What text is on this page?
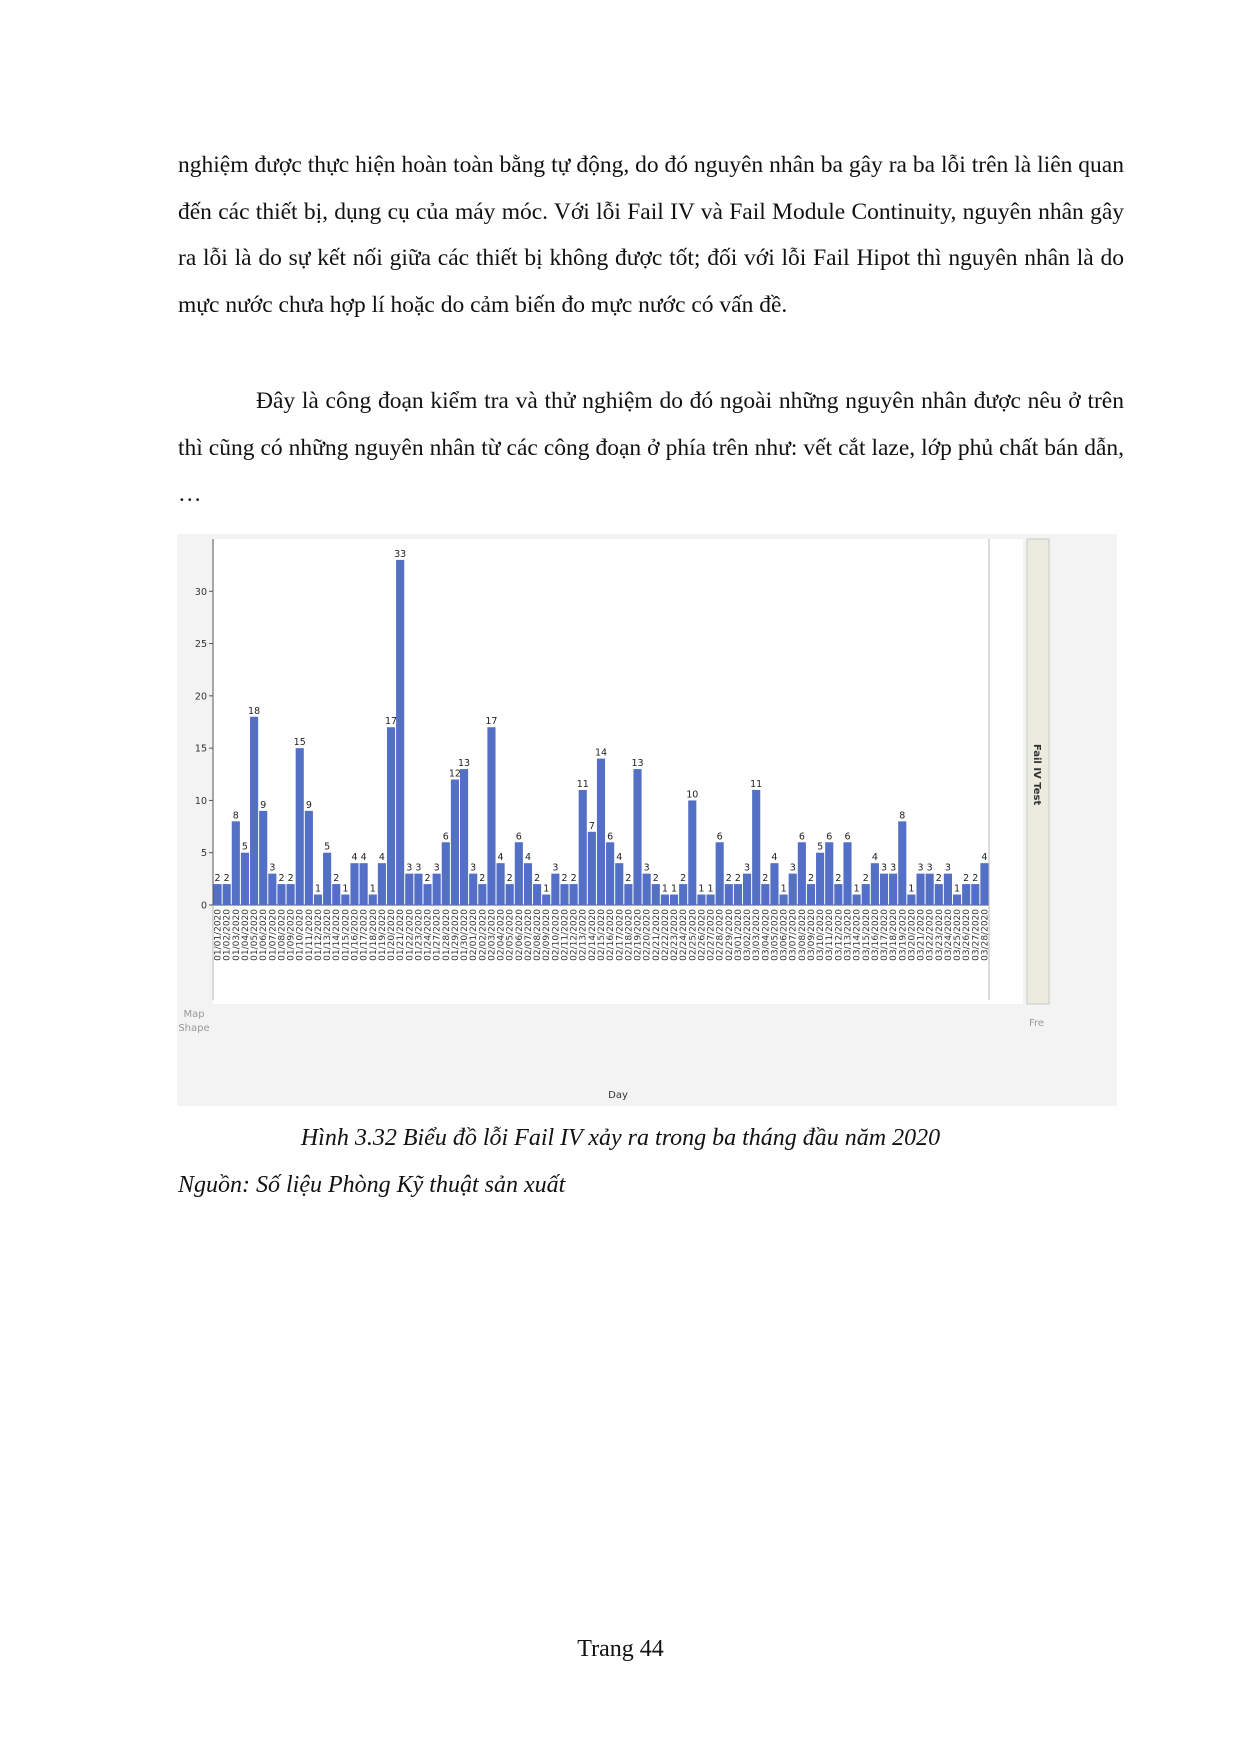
nghiệm được thực hiện hoàn toàn bằng tự động, do đó nguyên nhân ba gây ra ba lỗi trên là liên quan đến các thiết bị, dụng cụ của máy móc. Với lỗi Fail IV và Fail Module Continuity, nguyên nhân gây ra lỗi là do sự kết nối giữa các thiết bị không được tốt; đối với lỗi Fail Hipot thì nguyên nhân là do mực nước chưa hợp lí hoặc do cảm biến đo mực nước có vấn đề.

Đây là công đoạn kiểm tra và thử nghiệm do đó ngoài những nguyên nhân được nêu ở trên thì cũng có những nguyên nhân từ các công đoạn ở phía trên như: vết cắt laze, lớp phủ chất bán dẫn, …

0
5
10
15
20
25
30
2 2
8
5
18
9
3
2 2
15
9
1
5
2
1
4 4
1
4
17
33
3 3
2
3
6
12
13
3
2
17
4
2
6
4
2
1
3
2 2
11
7
14
6
4
2
13
3
2
1 1
2
10
1 1
6
2 2
3
11
2
4
1
3
6
2
5
6
2
6
1
2
4
3 3
8
1
3 3
2
3
1
2 2
4
01/01/2020 01/02/2020 01/03/2020 01/04/2020 01/05/2020 01/06/2020 01/07/2020 01/08/2020 01/09/2020 01/10/2020 01/11/2020 01/12/2020 01/13/2020 01/14/2020 01/15/2020 01/16/2020 01/17/2020 01/18/2020 01/19/2020 01/20/2020 01/21/2020 01/22/2020 01/23/2020 01/24/2020 01/27/2020 01/28/2020 01/29/2020 01/30/2020 02/01/2020 02/02/2020 02/03/2020 02/04/2020 02/05/2020 02/06/2020 02/07/2020 02/08/2020 02/09/2020 02/10/2020 02/11/2020 02/12/2020 02/13/2020 02/14/2020 02/15/2020 02/16/2020 02/17/2020 02/18/2020 02/19/2020 02/20/2020 02/21/2020 02/22/2020 02/23/2020 02/24/2020 02/25/2020 02/26/2020 02/27/2020 02/28/2020 02/29/2020 03/01/2020 03/02/2020 03/03/2020 03/04/2020 03/05/2020 03/06/2020 03/07/2020 03/08/2020 03/09/2020 03/10/2020 03/11/2020 03/12/2020 03/13/2020 03/14/2020 03/15/2020 03/16/2020 03/17/2020 03/18/2020 03/19/2020 03/20/2020 03/21/2020 03/22/2020 03/23/2020 03/24/2020 03/25/2020 03/26/2020 03/27/2020 03/28/2020
Fail IV Test
Map Shape	Fre
Day

Hình 3.32 Biểu đồ lỗi Fail IV xảy ra trong ba tháng đầu năm 2020

Nguồn: Số liệu Phòng Kỹ thuật sản xuất

Trang 44
